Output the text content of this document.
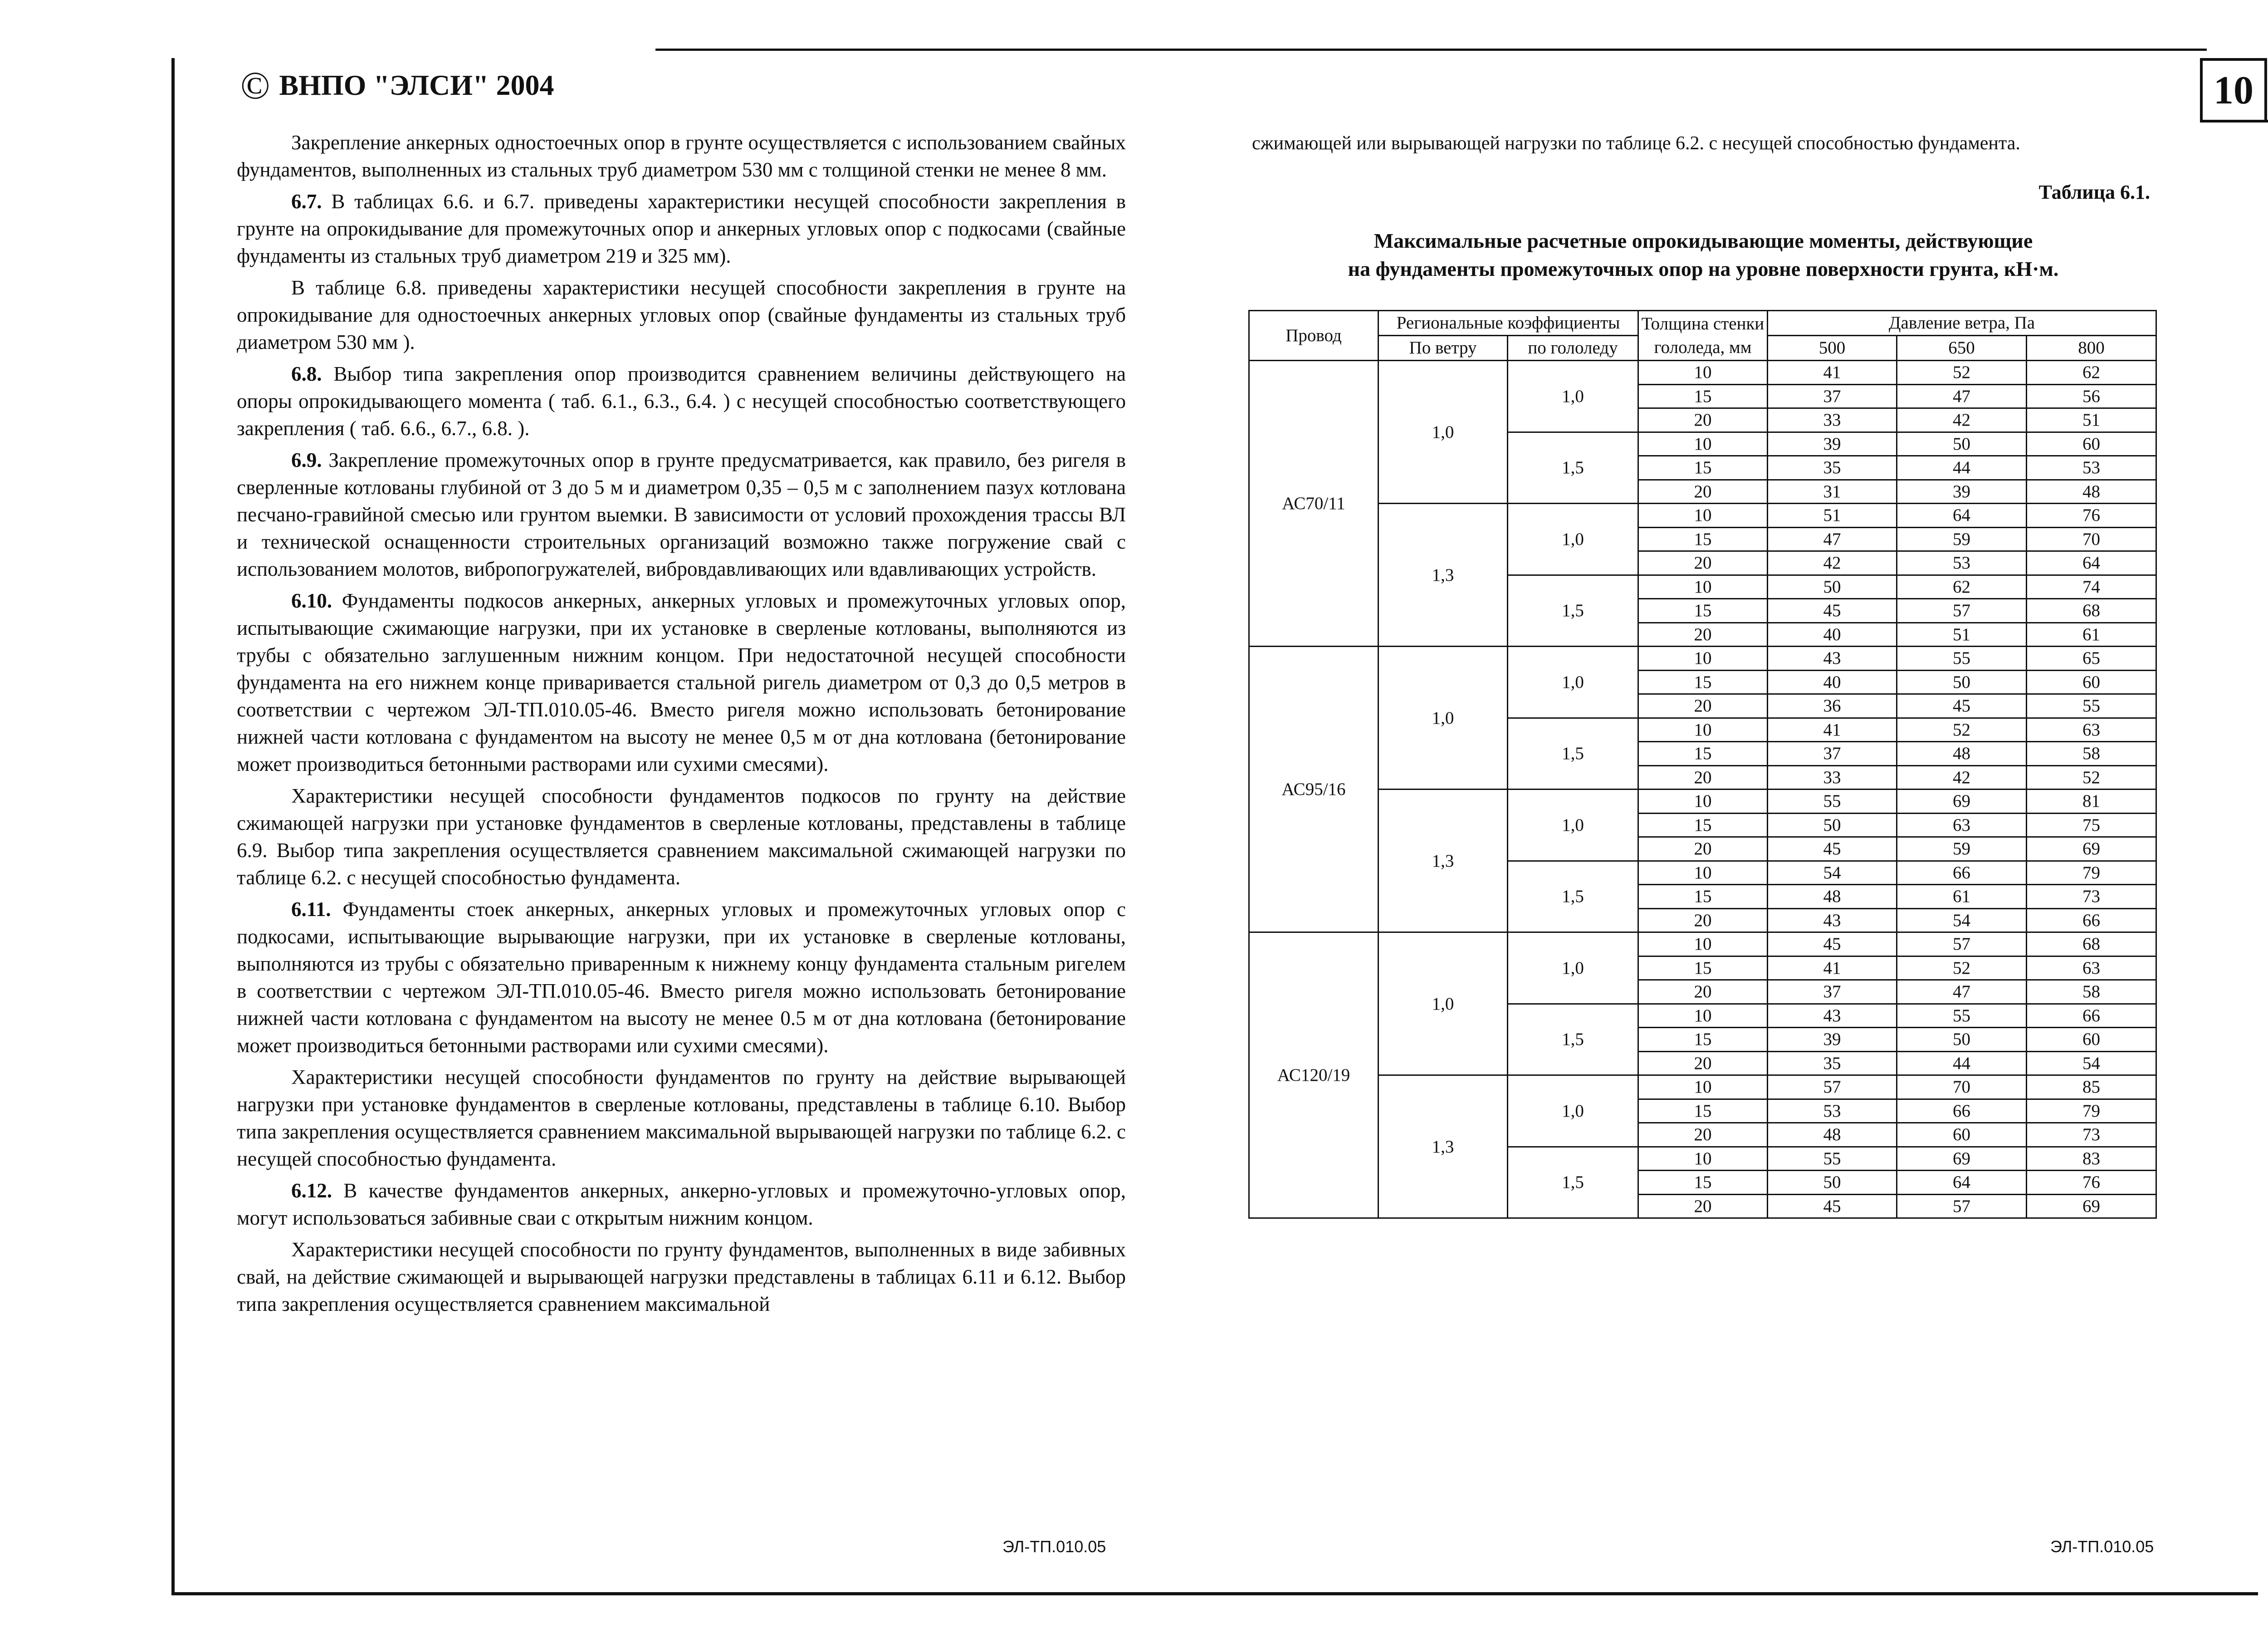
10
© ВНПО "ЭЛСИ" 2004

Закрепление анкерных одностоечных опор в грунте осуществляется с использованием свайных фундаментов, выполненных из стальных труб диаметром 530 мм с толщиной стенки не менее 8 мм.

6.7. В таблицах 6.6. и 6.7. приведены характеристики несущей способности закрепления в грунте на опрокидывание для промежуточных опор и анкерных угловых опор с подкосами (свайные фундаменты из стальных труб диаметром 219 и 325 мм).

В таблице 6.8. приведены характеристики несущей способности закрепления в грунте на опрокидывание для одностоечных анкерных угловых опор (свайные фундаменты из стальных труб диаметром 530 мм ).

6.8. Выбор типа закрепления опор производится сравнением величины действующего на опоры опрокидывающего момента ( таб. 6.1., 6.3., 6.4. ) с несущей способностью соответствующего закрепления ( таб. 6.6., 6.7., 6.8. ).

6.9. Закрепление промежуточных опор в грунте предусматривается, как правило, без ригеля в сверленные котлованы глубиной от 3 до 5 м и диаметром 0,35 – 0,5 м с заполнением пазух котлована песчано-гравийной смесью или грунтом выемки. В зависимости от условий прохождения трассы ВЛ и технической оснащенности строительных организаций возможно также погружение свай с использованием молотов, вибропогружателей, вибровдавливающих или вдавливающих устройств.

6.10. Фундаменты подкосов анкерных, анкерных угловых и промежуточных угловых опор, испытывающие сжимающие нагрузки, при их установке в сверленые котлованы, выполняются из трубы с обязательно заглушенным нижним концом. При недостаточной несущей способности фундамента на его нижнем конце привaривается стальной ригель диаметром от 0,3 до 0,5 метров в соответствии с чертежом ЭЛ-ТП.010.05-46. Вместо ригеля можно использовать бетонирование нижней части котлована с фундаментом на высоту не менее 0,5 м от дна котлована (бетонирование может производиться бетонными растворами или сухими смесями).

Характеристики несущей способности фундаментов подкосов по грунту на действие сжимающей нагрузки при установке фундаментов в сверленые котлованы, представлены в таблице 6.9. Выбор типа закрепления осуществляется сравнением максимальной сжимающей нагрузки по таблице 6.2. с несущей способностью фундамента.

6.11. Фундаменты стоек анкерных, анкерных угловых и промежуточных угловых опор с подкосами, испытывающие вырывающие нагрузки, при их установке в сверленые котлованы, выполняются из трубы с обязательно приваренным к нижнему концу фундамента стальным ригелем в соответствии с чертежом ЭЛ-ТП.010.05-46. Вместо ригеля можно использовать бетонирование нижней части котлована с фундаментом на высоту не менее 0.5 м от дна котлована (бетонирование может производиться бетонными растворами или сухими смесями).

Характеристики несущей способности фундаментов по грунту на действие вырывающей нагрузки при установке фундаментов в сверленые котлованы, представлены в таблице 6.10. Выбор типа закрепления осуществляется сравнением максимальной вырывающей нагрузки по таблице 6.2. с несущей способностью фундамента.

6.12. В качестве фундаментов анкерных, анкерно-угловых и промежуточно-угловых опор, могут использоваться забивные сваи с открытым нижним концом.

Характеристики несущей способности по грунту фундаментов, выполненных в виде забивных свай, на действие сжимающей и вырывающей нагрузки представлены в таблицах 6.11 и 6.12. Выбор типа закрепления осуществляется сравнением максимальной

сжимающей или вырывающей нагрузки по таблице 6.2. с несущей способностью фундамента.
Таблица 6.1.
Максимальные расчетные опрокидывающие моменты, действующие
на фундаменты промежуточных опор на уровне поверхности грунта, кН·м.
Провод	Региональные коэффициенты		Толщина стенки гололеда, мм	Давление ветра, Па		
	По ветру	по гололеду		500	650	800
АС70/11	1,0	1,0	10	41	52	62
			15	37	47	56
			20	33	42	51
		1,5	10	39	50	60
			15	35	44	53
			20	31	39	48
	1,3	1,0	10	51	64	76
			15	47	59	70
			20	42	53	64
		1,5	10	50	62	74
			15	45	57	68
			20	40	51	61
АС95/16	1,0	1,0	10	43	55	65
			15	40	50	60
			20	36	45	55
		1,5	10	41	52	63
			15	37	48	58
			20	33	42	52
	1,3	1,0	10	55	69	81
			15	50	63	75
			20	45	59	69
		1,5	10	54	66	79
			15	48	61	73
			20	43	54	66
АС120/19	1,0	1,0	10	45	57	68
			15	41	52	63
			20	37	47	58
		1,5	10	43	55	66
			15	39	50	60
			20	35	44	54
	1,3	1,0	10	57	70	85
			15	53	66	79
			20	48	60	73
		1,5	10	55	69	83
			15	50	64	76
			20	45	57	69
ЭЛ-ТП.010.05	ЭЛ-ТП.010.05
